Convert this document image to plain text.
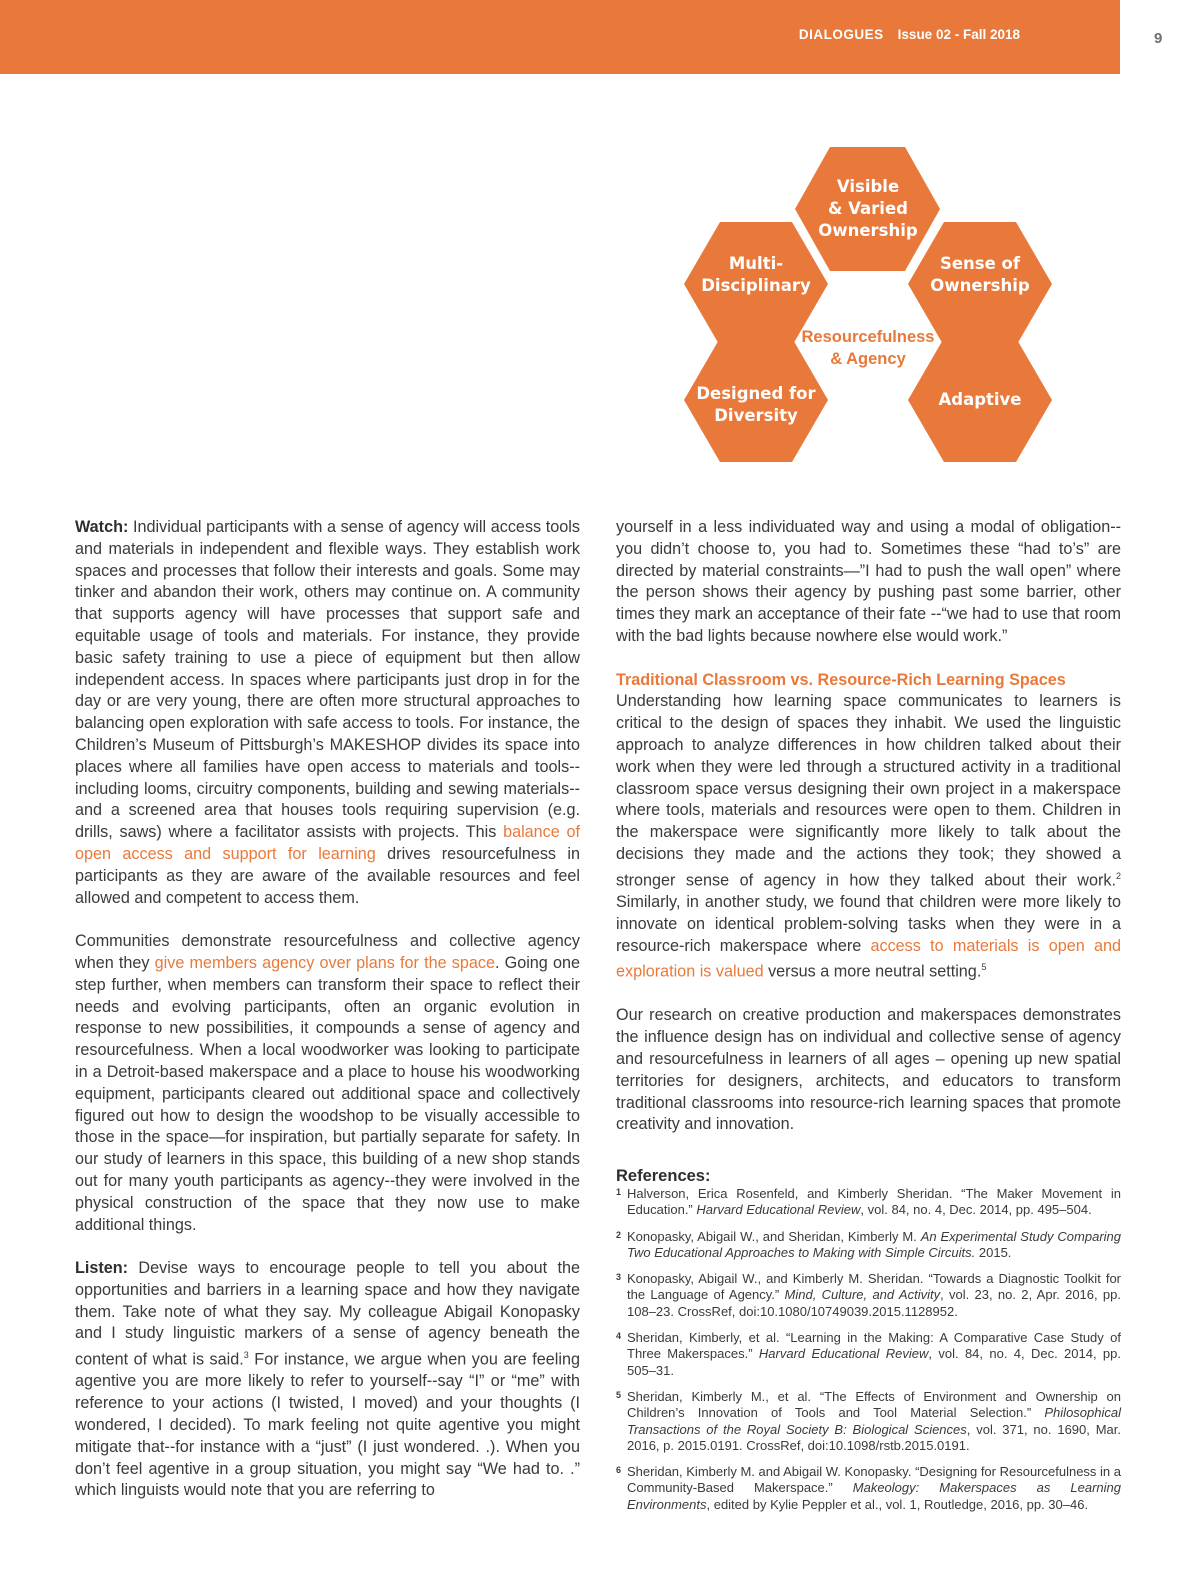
DIALOGUES Issue 02 - Fall 2018	9
Visible
& Varied
Ownership
Multi-
Disciplinary
Sense of
Ownership
Designed for
Diversity
Adaptive
Resourcefulness
& Agency

Watch: Individual participants with a sense of agency will access tools and materials in independent and flexible ways. They establish work spaces and processes that follow their interests and goals. Some may tinker and abandon their work, others may continue on. A community that supports agency will have processes that support safe and equitable usage of tools and materials. For instance, they provide basic safety training to use a piece of equipment but then allow independent access. In spaces where participants just drop in for the day or are very young, there are often more structural approaches to balancing open exploration with safe access to tools. For instance, the Children’s Museum of Pittsburgh’s MAKESHOP divides its space into places where all families have open access to materials and tools--including looms, circuitry components, building and sewing materials--and a screened area that houses tools requiring supervision (e.g. drills, saws) where a facilitator assists with projects. This balance of open access and support for learning drives resourcefulness in participants as they are aware of the available resources and feel allowed and competent to access them.

Communities demonstrate resourcefulness and collective agency when they give members agency over plans for the space. Going one step further, when members can transform their space to reflect their needs and evolving participants, often an organic evolution in response to new possibilities, it compounds a sense of agency and resourcefulness. When a local woodworker was looking to participate in a Detroit-based makerspace and a place to house his woodworking equipment, participants cleared out additional space and collectively figured out how to design the woodshop to be visually accessible to those in the space—for inspiration, but partially separate for safety. In our study of learners in this space, this building of a new shop stands out for many youth participants as agency--they were involved in the physical construction of the space that they now use to make additional things.

Listen: Devise ways to encourage people to tell you about the opportunities and barriers in a learning space and how they navigate them. Take note of what they say. My colleague Abigail Konopasky and I study linguistic markers of a sense of agency beneath the content of what is said.$^3$ For instance, we argue when you are feeling agentive you are more likely to refer to yourself--say “I” or “me” with reference to your actions (I twisted, I moved) and your thoughts (I wondered, I decided). To mark feeling not quite agentive you might mitigate that--for instance with a “just” (I just wondered. .). When you don’t feel agentive in a group situation, you might say “We had to. .” which linguists would note that you are referring to

yourself in a less individuated way and using a modal of obligation--you didn’t choose to, you had to. Sometimes these “had to’s” are directed by material constraints—”I had to push the wall open” where the person shows their agency by pushing past some barrier, other times they mark an acceptance of their fate --“we had to use that room with the bad lights because nowhere else would work.”

Traditional Classroom vs. Resource-Rich Learning Spaces
Understanding how learning space communicates to learners is critical to the design of spaces they inhabit. We used the linguistic approach to analyze differences in how children talked about their work when they were led through a structured activity in a traditional classroom space versus designing their own project in a makerspace where tools, materials and resources were open to them. Children in the makerspace were significantly more likely to talk about the decisions they made and the actions they took; they showed a stronger sense of agency in how they talked about their work.$^2$ Similarly, in another study, we found that children were more likely to innovate on identical problem-solving tasks when they were in a resource-rich makerspace where access to materials is open and exploration is valued versus a more neutral setting.$^5$

Our research on creative production and makerspaces demonstrates the influence design has on individual and collective sense of agency and resourcefulness in learners of all ages – opening up new spatial territories for designers, architects, and educators to transform traditional classrooms into resource-rich learning spaces that promote creativity and innovation.

References:
1 Halverson, Erica Rosenfeld, and Kimberly Sheridan. “The Maker Movement in Education.” Harvard Educational Review, vol. 84, no. 4, Dec. 2014, pp. 495–504.
2 Konopasky, Abigail W., and Sheridan, Kimberly M. An Experimental Study Comparing Two Educational Approaches to Making with Simple Circuits. 2015.
3 Konopasky, Abigail W., and Kimberly M. Sheridan. “Towards a Diagnostic Toolkit for the Language of Agency.” Mind, Culture, and Activity, vol. 23, no. 2, Apr. 2016, pp. 108–23. CrossRef, doi:10.1080/10749039.2015.1128952.
4 Sheridan, Kimberly, et al. “Learning in the Making: A Comparative Case Study of Three Makerspaces.” Harvard Educational Review, vol. 84, no. 4, Dec. 2014, pp. 505–31.
5 Sheridan, Kimberly M., et al. “The Effects of Environment and Ownership on Children’s Innovation of Tools and Tool Material Selection.” Philosophical Transactions of the Royal Society B: Biological Sciences, vol. 371, no. 1690, Mar. 2016, p. 2015.0191. CrossRef, doi:10.1098/rstb.2015.0191.
6 Sheridan, Kimberly M. and Abigail W. Konopasky. “Designing for Resourcefulness in a Community-Based Makerspace.” Makeology: Makerspaces as Learning Environments, edited by Kylie Peppler et al., vol. 1, Routledge, 2016, pp. 30–46.
